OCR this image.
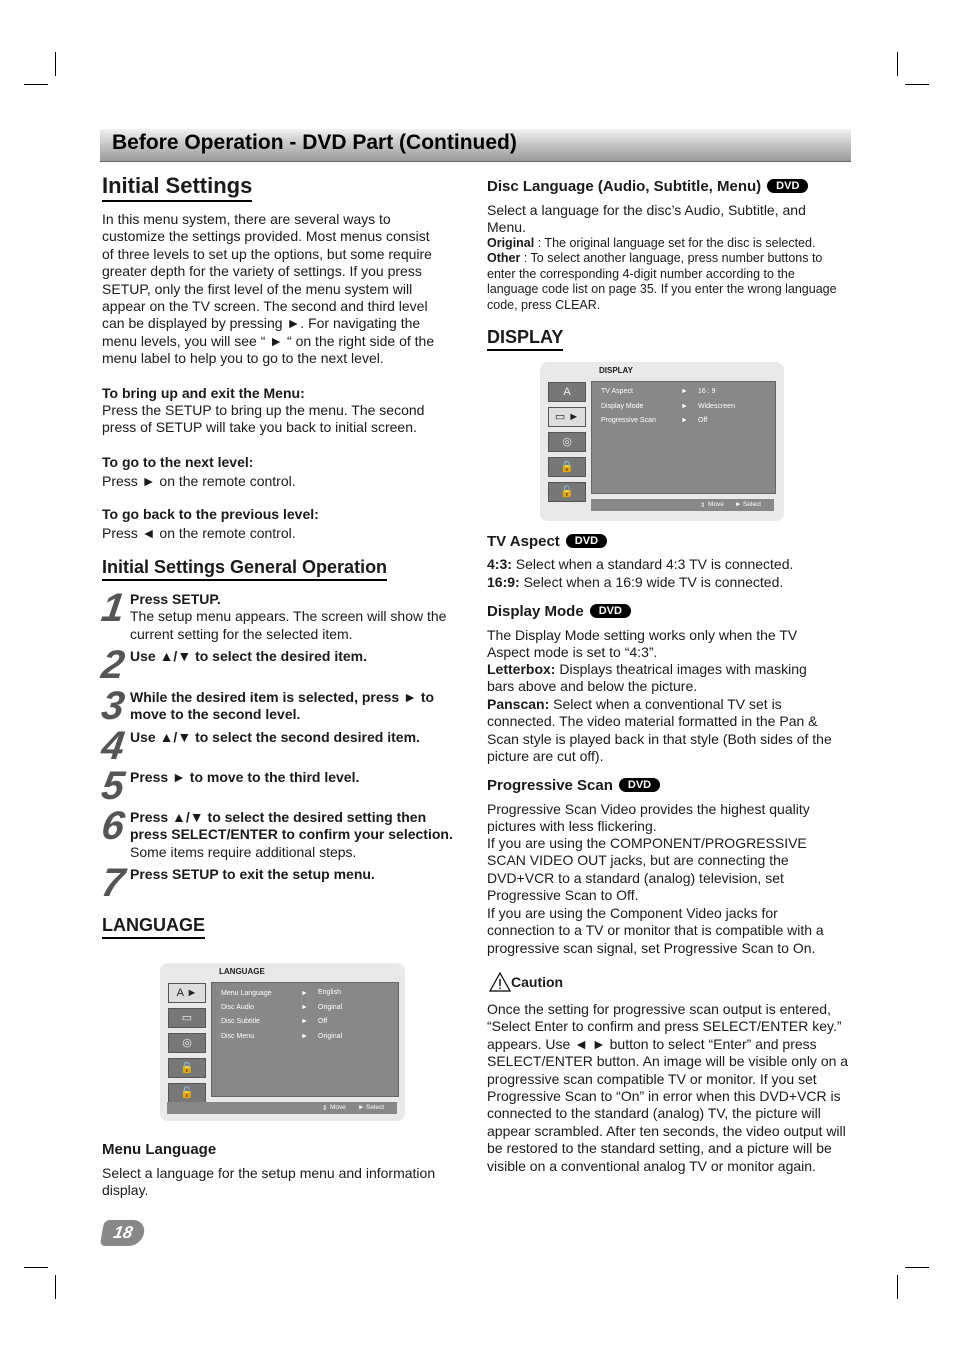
Before Operation - DVD Part (Continued)
Initial Settings
In this menu system, there are several ways to customize the settings provided. Most menus consist of three levels to set up the options, but some require greater depth for the variety of settings. If you press SETUP, only the first level of the menu system will appear on the TV screen. The second and third level can be displayed by pressing ►. For navigating the menu levels, you will see “ ► “ on the right side of the menu label to help you to go to the next level.
To bring up and exit the Menu:
Press the SETUP to bring up the menu. The second press of SETUP will take you back to initial screen.
To go to the next level:
Press ► on the remote control.
To go back to the previous level:
Press ◄ on the remote control.
Initial Settings General Operation
1 Press SETUP.
The setup menu appears. The screen will show the current setting for the selected item.
2 Use ▲/▼ to select the desired item.
3 While the desired item is selected, press ► to move to the second level.
4 Use ▲/▼ to select the second desired item.
5 Press ► to move to the third level.
6 Press ▲/▼ to select the desired setting then press SELECT/ENTER to confirm your selection.
Some items require additional steps.
7 Press SETUP to exit the setup menu.
LANGUAGE
LANGUAGE
A ►
▭
◎
🔒
🔓
Menu Language	► English
Disc Audio	► Original
Disc Subtitle	► Off
Disc Menu	► Original
⇕ Move ► Select
Menu Language
Select a language for the setup menu and information display.
18
Disc Language (Audio, Subtitle, Menu) DVD
Select a language for the disc’s Audio, Subtitle, and Menu.
Original : The original language set for the disc is selected.
Other : To select another language, press number buttons to enter the corresponding 4-digit number according to the language code list on page 35. If you enter the wrong language code, press CLEAR.
DISPLAY
DISPLAY
A
▭ ►
◎
🔒
🔓
TV Aspect	► 16 : 9
Display Mode	► Widescreen
Progressive Scan	► Off
⇕ Move ► Select
TV Aspect DVD
4:3: Select when a standard 4:3 TV is connected.
16:9: Select when a 16:9 wide TV is connected.
Display Mode DVD
The Display Mode setting works only when the TV Aspect mode is set to “4:3”.
Letterbox: Displays theatrical images with masking bars above and below the picture.
Panscan: Select when a conventional TV set is connected. The video material formatted in the Pan & Scan style is played back in that style (Both sides of the picture are cut off).
Progressive Scan DVD
Progressive Scan Video provides the highest quality pictures with less flickering.
If you are using the COMPONENT/PROGRESSIVE SCAN VIDEO OUT jacks, but are connecting the DVD+VCR to a standard (analog) television, set Progressive Scan to Off.
If you are using the Component Video jacks for connection to a TV or monitor that is compatible with a progressive scan signal, set Progressive Scan to On.
Caution
Once the setting for progressive scan output is entered, “Select Enter to confirm and press SELECT/ENTER key.” appears. Use ◄ ► button to select “Enter” and press SELECT/ENTER button. An image will be visible only on a progressive scan compatible TV or monitor. If you set Progressive Scan to “On” in error when this DVD+VCR is connected to the standard (analog) TV, the picture will appear scrambled. After ten seconds, the video output will be restored to the standard setting, and a picture will be visible on a conventional analog TV or monitor again.
